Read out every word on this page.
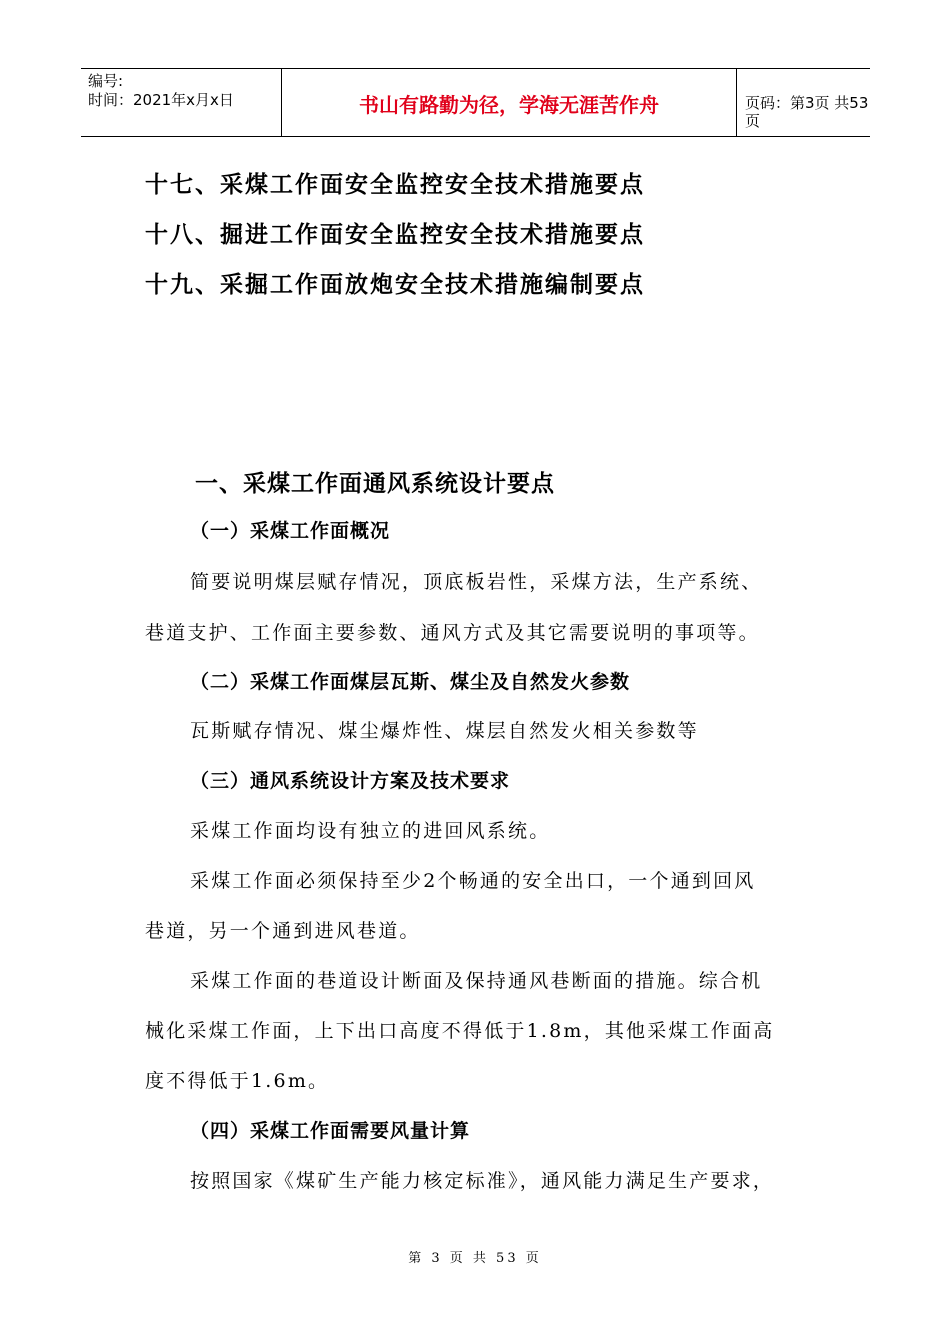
编号:
时间：2021年x月x日	书山有路勤为径，学海无涯苦作舟	页码：第3页 共53页
十七、采煤工作面安全监控安全技术措施要点
十八、掘进工作面安全监控安全技术措施要点
十九、采掘工作面放炮安全技术措施编制要点
一、采煤工作面通风系统设计要点
（一）采煤工作面概况
简要说明煤层赋存情况，顶底板岩性，采煤方法，生产系统、
巷道支护、工作面主要参数、通风方式及其它需要说明的事项等。
（二）采煤工作面煤层瓦斯、煤尘及自然发火参数
瓦斯赋存情况、煤尘爆炸性、煤层自然发火相关参数等
（三）通风系统设计方案及技术要求
采煤工作面均设有独立的进回风系统。
采煤工作面必须保持至少2个畅通的安全出口，一个通到回风
巷道，另一个通到进风巷道。
采煤工作面的巷道设计断面及保持通风巷断面的措施。综合机
械化采煤工作面，上下出口高度不得低于1.8m，其他采煤工作面高
度不得低于1.6m。
（四）采煤工作面需要风量计算
按照国家《煤矿生产能力核定标准》，通风能力满足生产要求，
第 3 页 共 53 页
